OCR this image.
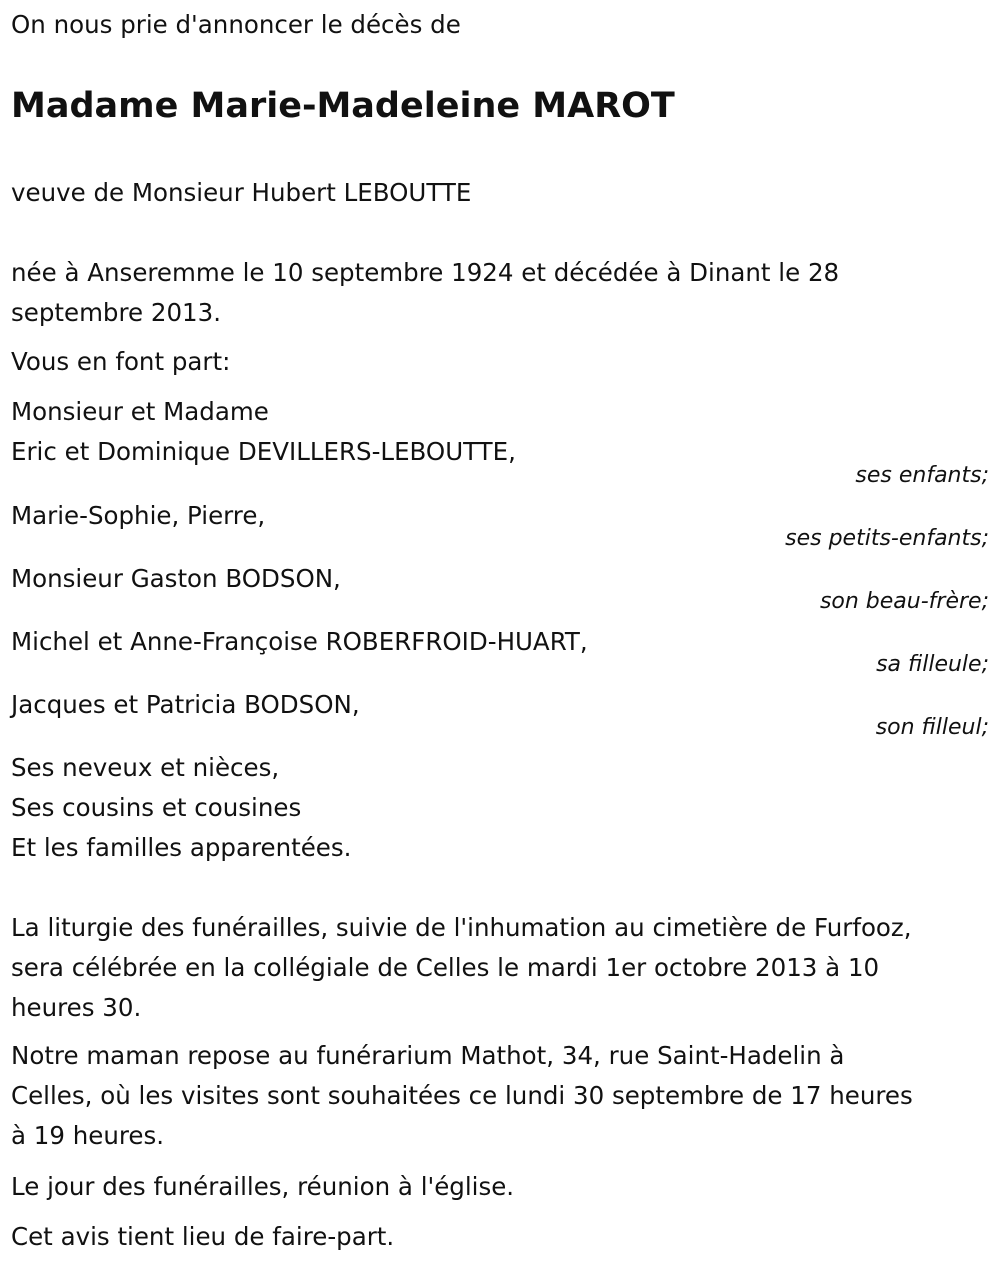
On nous prie d'annoncer le décès de
Madame Marie-Madeleine MAROT
veuve de Monsieur Hubert LEBOUTTE
née à Anseremme le 10 septembre 1924 et décédée à Dinant le 28
septembre 2013.
Vous en font part:
Monsieur et Madame
Eric et Dominique DEVILLERS-LEBOUTTE,
ses enfants;
Marie-Sophie, Pierre,
ses petits-enfants;
Monsieur Gaston BODSON,
son beau-frère;
Michel et Anne-Françoise ROBERFROID-HUART,
sa filleule;
Jacques et Patricia BODSON,
son filleul;
Ses neveux et nièces,
Ses cousins et cousines
Et les familles apparentées.
La liturgie des funérailles, suivie de l'inhumation au cimetière de Furfooz,
sera célébrée en la collégiale de Celles le mardi 1er octobre 2013 à 10
heures 30.
Notre maman repose au funérarium Mathot, 34, rue Saint-Hadelin à
Celles, où les visites sont souhaitées ce lundi 30 septembre de 17 heures
à 19 heures.
Le jour des funérailles, réunion à l'église.
Cet avis tient lieu de faire-part.
